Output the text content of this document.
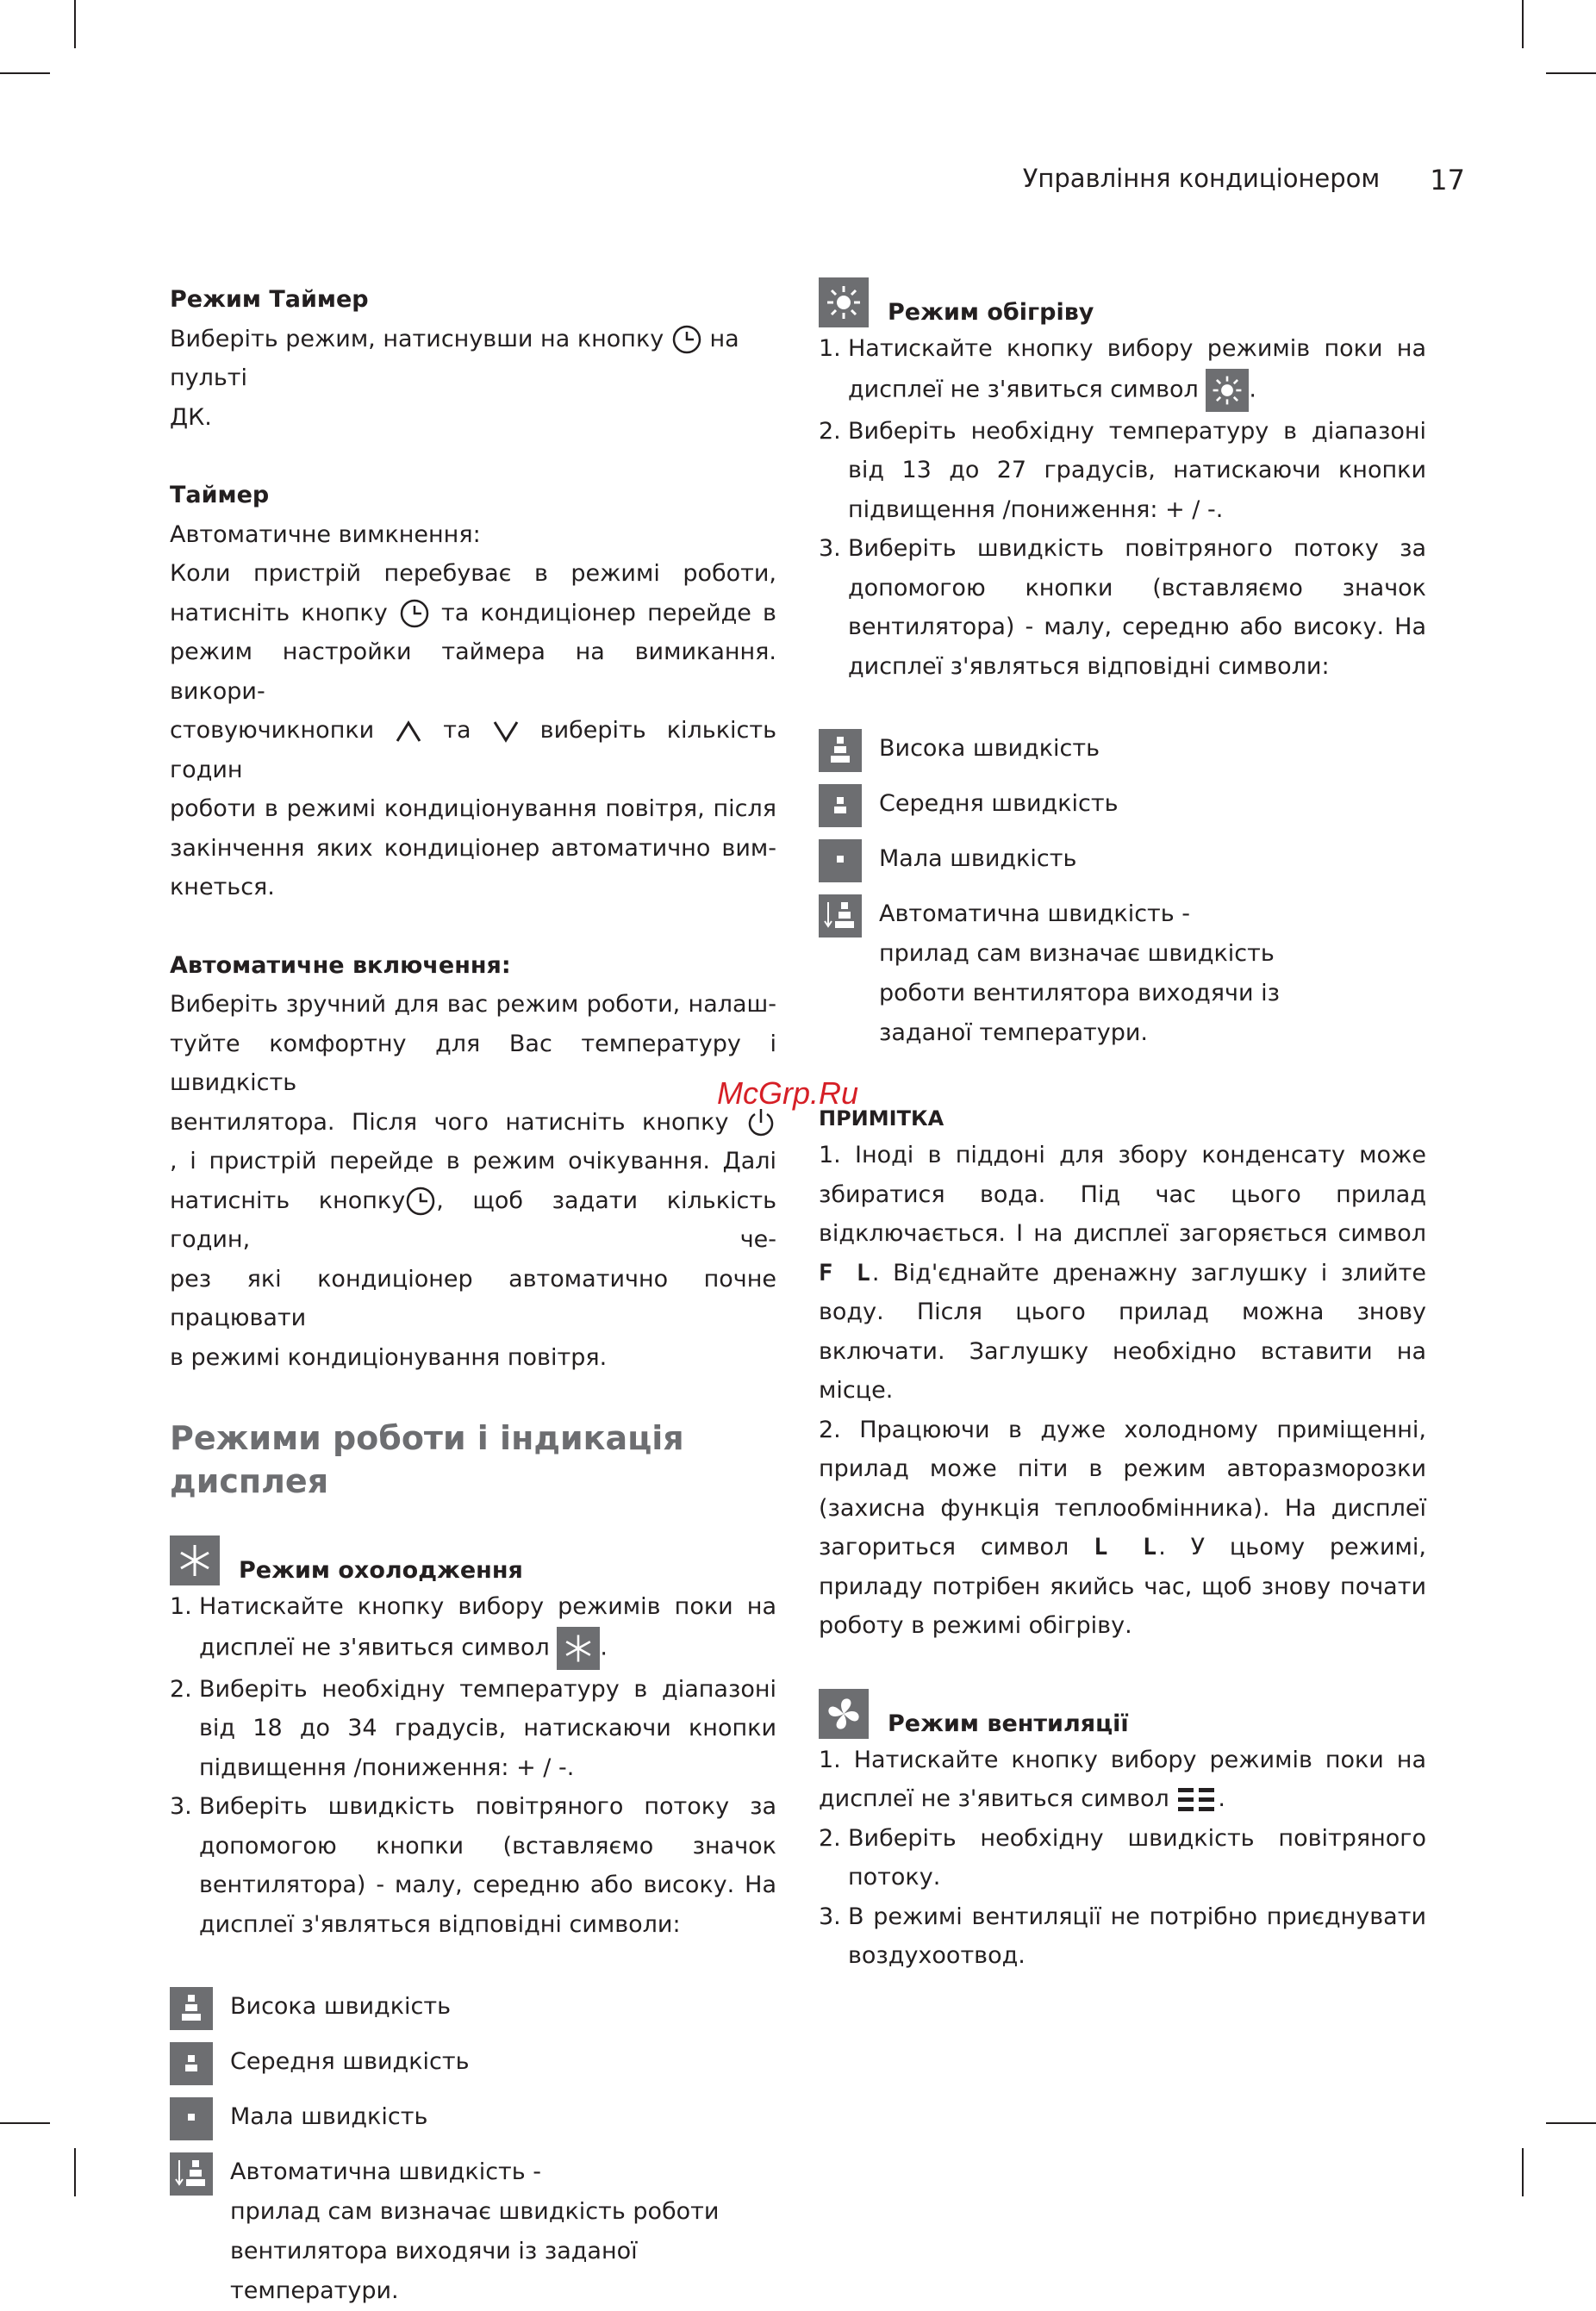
Управління кондиціонером 17

Режим Таймер

Виберіть режим, натиснувши на кнопку на пульті

ДК.

Таймер

Автоматичне вимкнення:

Коли пристрій перебуває в режимі роботи,

натисніть кнопку та кондиціонер перейде в

режим настройки таймера на вимикання. викори-

стовуючикнопки	та	виберіть кількість годин

роботи в режимі кондиціонування повітря, після

закінчення яких кондиціонер автоматично вим-

кнеться.

Автоматичне включення:

Виберіть зручний для вас режим роботи, налаш-

туйте комфортну для Вас температуру і швидкість

вентилятора. Після чого натисніть кнопку

, і пристрій перейде в режим очікування. Далі

натисніть кнопку , щоб задати кількість годин, че-

рез які кондиціонер автоматично почне працювати

в режимі кондиціонування повітря.

Режими роботи і індикація дисплея
Режим охолодження
1. Натискайте кнопку вибору режимів поки на дисплеї не з'явиться символ .
2. Виберіть необхідну температуру в діапазоні від 18 до 34 градусів, натискаючи кнопки підвищення /пониження: + / -.
3. Виберіть швидкість повітряного потоку за допомогою кнопки (вставляємо значок вентилятора) - малу, середню або високу. На дисплеї з'являться відповідні символи:
Висока швидкість
Середня швидкість
Мала швидкість
Автоматична швидкість -
прилад сам визначає швидкість роботи вентилятора виходячи із заданої температури.
Режим обігріву
1. Натискайте кнопку вибору режимів поки на дисплеї не з'явиться символ .
2. Виберіть необхідну температуру в діапазоні від 13 до 27 градусів, натискаючи кнопки підвищення /пониження: + / -.
3. Виберіть швидкість повітряного потоку за допомогою кнопки (вставляємо значок вентилятора) - малу, середню або високу. На дисплеї з'являться відповідні символи:
Висока швидкість
Середня швидкість
Мала швидкість
Автоматична швидкість -
прилад сам визначає швидкість роботи вентилятора виходячи із заданої температури.

ПРИМІТКА

1. Іноді в піддоні для збору конденсату може збиратися вода. Під час цього прилад відключається. І на дисплеї загоряється символ F L. Від'єднайте дренажну заглушку і злийте воду. Після цього прилад можна знову включати. Заглушку необхідно вставити на місце.

2. Працюючи в дуже холодному приміщенні, прилад може піти в режим авторазморозки (захисна функція теплообмінника). На дисплеї загориться символ L L. У цьому режимі, приладу потрібен якийсь час, щоб знову почати роботу в режимі обігріву.

Режим вентиляції

1. Натискайте кнопку вибору режимів поки на дисплеї не з'явиться символ .

2. Виберіть необхідну швидкість повітряного потоку.
3. В режимі вентиляції не потрібно приєднувати воздухоотвод.
McGrp.Ru
